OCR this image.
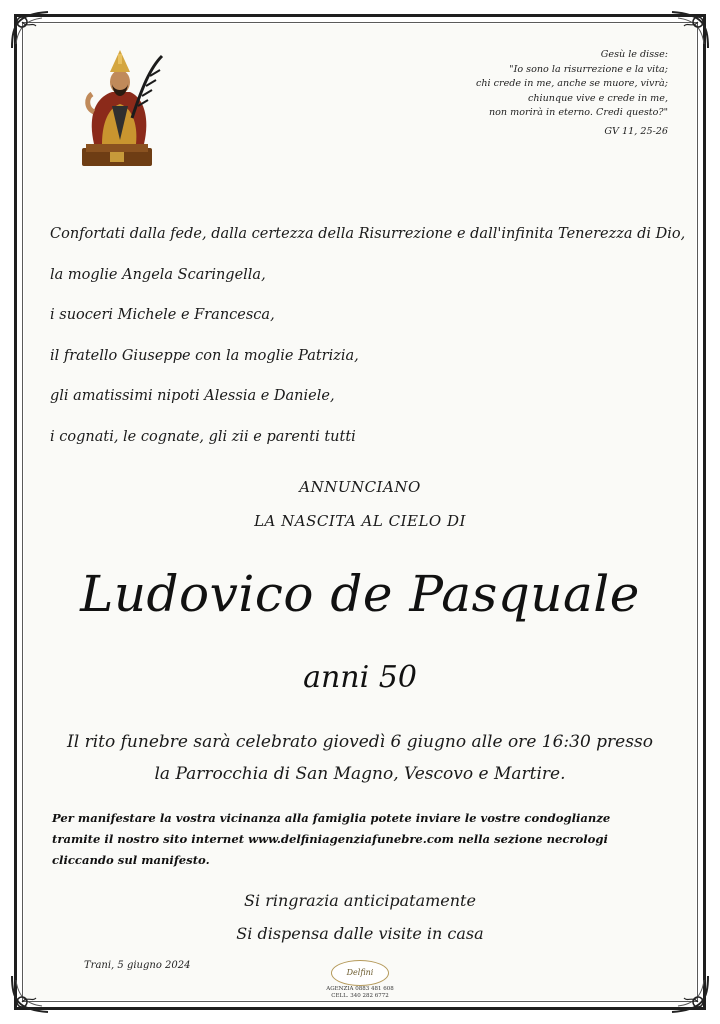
Gesù le disse:
"Io sono la risurrezione e la vita;
chi crede in me, anche se muore, vivrà;
chiunque vive e crede in me,
non morirà in eterno. Credi questo?"
GV 11, 25-26
Confortati dalla fede, dalla certezza della Risurrezione e dall'infinita Tenerezza di Dio,
la moglie Angela Scaringella,
i suoceri Michele e Francesca,
il fratello Giuseppe con la moglie Patrizia,
gli amatissimi nipoti Alessia e Daniele,
i cognati, le cognate, gli zii e parenti tutti
ANNUNCIANO
LA NASCITA AL CIELO DI
Ludovico de Pasquale
anni 50
Il rito funebre sarà celebrato giovedì 6 giugno alle ore 16:30 presso
la Parrocchia di San Magno, Vescovo e Martire.
Per manifestare la vostra vicinanza alla famiglia potete inviare le vostre condoglianze
tramite il nostro sito internet www.delfiniagenziafunebre.com nella sezione necrologi
cliccando sul manifesto.
Si ringrazia anticipatamente
Si dispensa dalle visite in casa
Trani, 5 giugno 2024
Delfini
AGENZIA 0883 481 608
CELL. 340 282 6772
